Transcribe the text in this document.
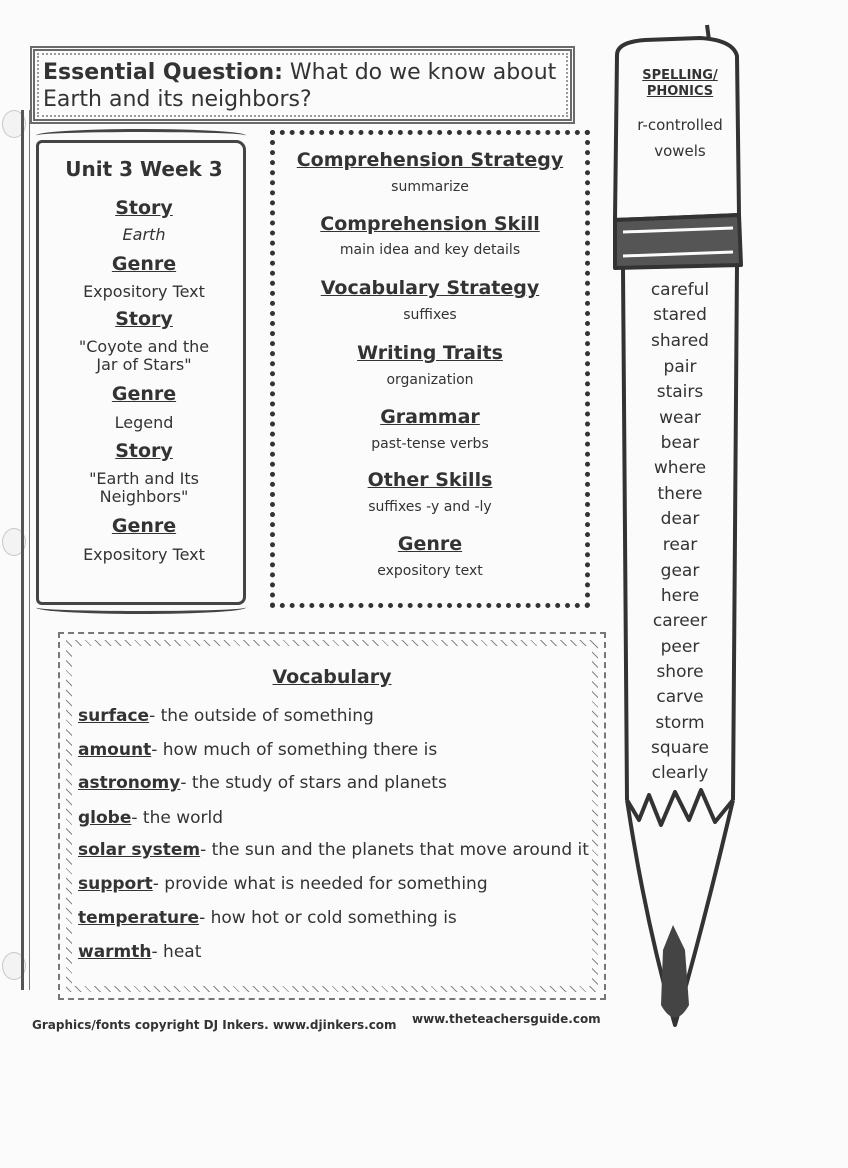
Essential Question: What do we know about
Earth and its neighbors?
Unit 3 Week 3
Story
Earth
Genre
Expository Text
Story
"Coyote and the
Jar of Stars"
Genre
Legend
Story
"Earth and Its
Neighbors"
Genre
Expository Text
Comprehension Strategy
summarize
Comprehension Skill
main idea and key details
Vocabulary Strategy
suffixes
Writing Traits
organization
Grammar
past-tense verbs
Other Skills
suffixes -y and -ly
Genre
expository text
Vocabulary
surface- the outside of something
amount- how much of something there is
astronomy- the study of stars and planets
globe- the world
solar system- the sun and the planets that move around it
support- provide what is needed for something
temperature- how hot or cold something is
warmth- heat
SPELLING/
PHONICS
r-controlled
vowels
careful
stared
shared
pair
stairs
wear
bear
where
there
dear
rear
gear
here
career
peer
shore
carve
storm
square
clearly
Graphics/fonts copyright DJ Inkers. www.djinkers.com www.theteachersguide.com
